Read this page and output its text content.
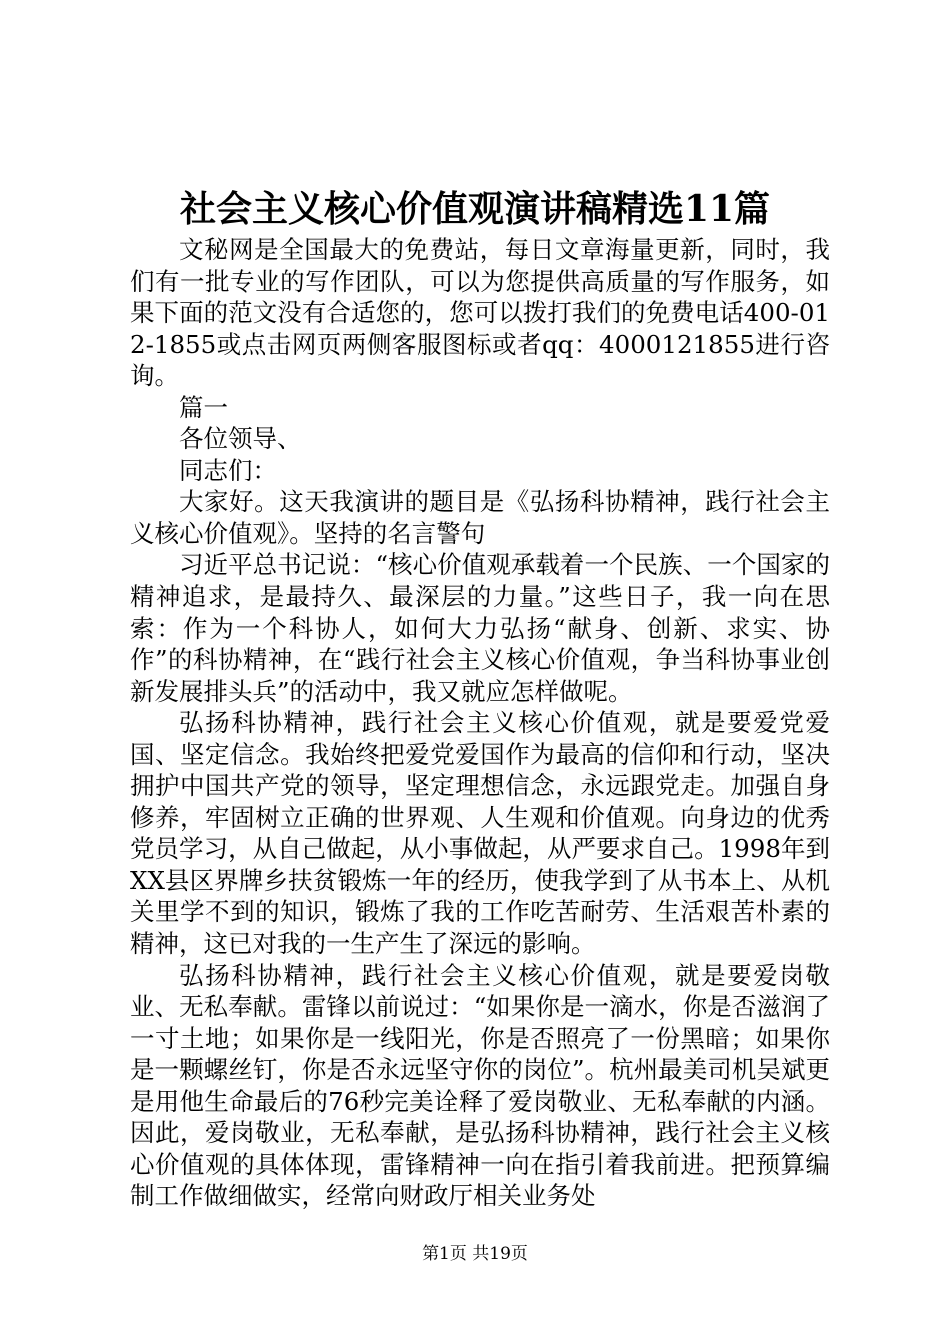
社会主义核心价值观演讲稿精选11篇

文秘网是全国最大的免费站，每日文章海量更新，同时，我们有一批专业的写作团队，可以为您提供高质量的写作服务，如果下面的范文没有合适您的，您可以拨打我们的免费电话400-012-1855或点击网页两侧客服图标或者qq：4000121855进行咨询。

篇一

各位领导、

同志们：

大家好。这天我演讲的题目是《弘扬科协精神，践行社会主义核心价值观》。坚持的名言警句

习近平总书记说：“核心价值观承载着一个民族、一个国家的精神追求，是最持久、最深层的力量。”这些日子，我一向在思索：作为一个科协人，如何大力弘扬“献身、创新、求实、协作”的科协精神，在“践行社会主义核心价值观，争当科协事业创新发展排头兵”的活动中，我又就应怎样做呢。

弘扬科协精神，践行社会主义核心价值观，就是要爱党爱国、坚定信念。我始终把爱党爱国作为最高的信仰和行动，坚决拥护中国共产党的领导，坚定理想信念，永远跟党走。加强自身修养，牢固树立正确的世界观、人生观和价值观。向身边的优秀党员学习，从自己做起，从小事做起，从严要求自己。1998年到XX县区界牌乡扶贫锻炼一年的经历，使我学到了从书本上、从机关里学不到的知识，锻炼了我的工作吃苦耐劳、生活艰苦朴素的精神，这已对我的一生产生了深远的影响。

弘扬科协精神，践行社会主义核心价值观，就是要爱岗敬业、无私奉献。雷锋以前说过：“如果你是一滴水，你是否滋润了一寸土地；如果你是一线阳光，你是否照亮了一份黑暗；如果你是一颗螺丝钉，你是否永远坚守你的岗位”。杭州最美司机吴斌更是用他生命最后的76秒完美诠释了爱岗敬业、无私奉献的内涵。因此，爱岗敬业，无私奉献，是弘扬科协精神，践行社会主义核心价值观的具体体现，雷锋精神一向在指引着我前进。把预算编制工作做细做实，经常向财政厅相关业务处

第1页 共19页
